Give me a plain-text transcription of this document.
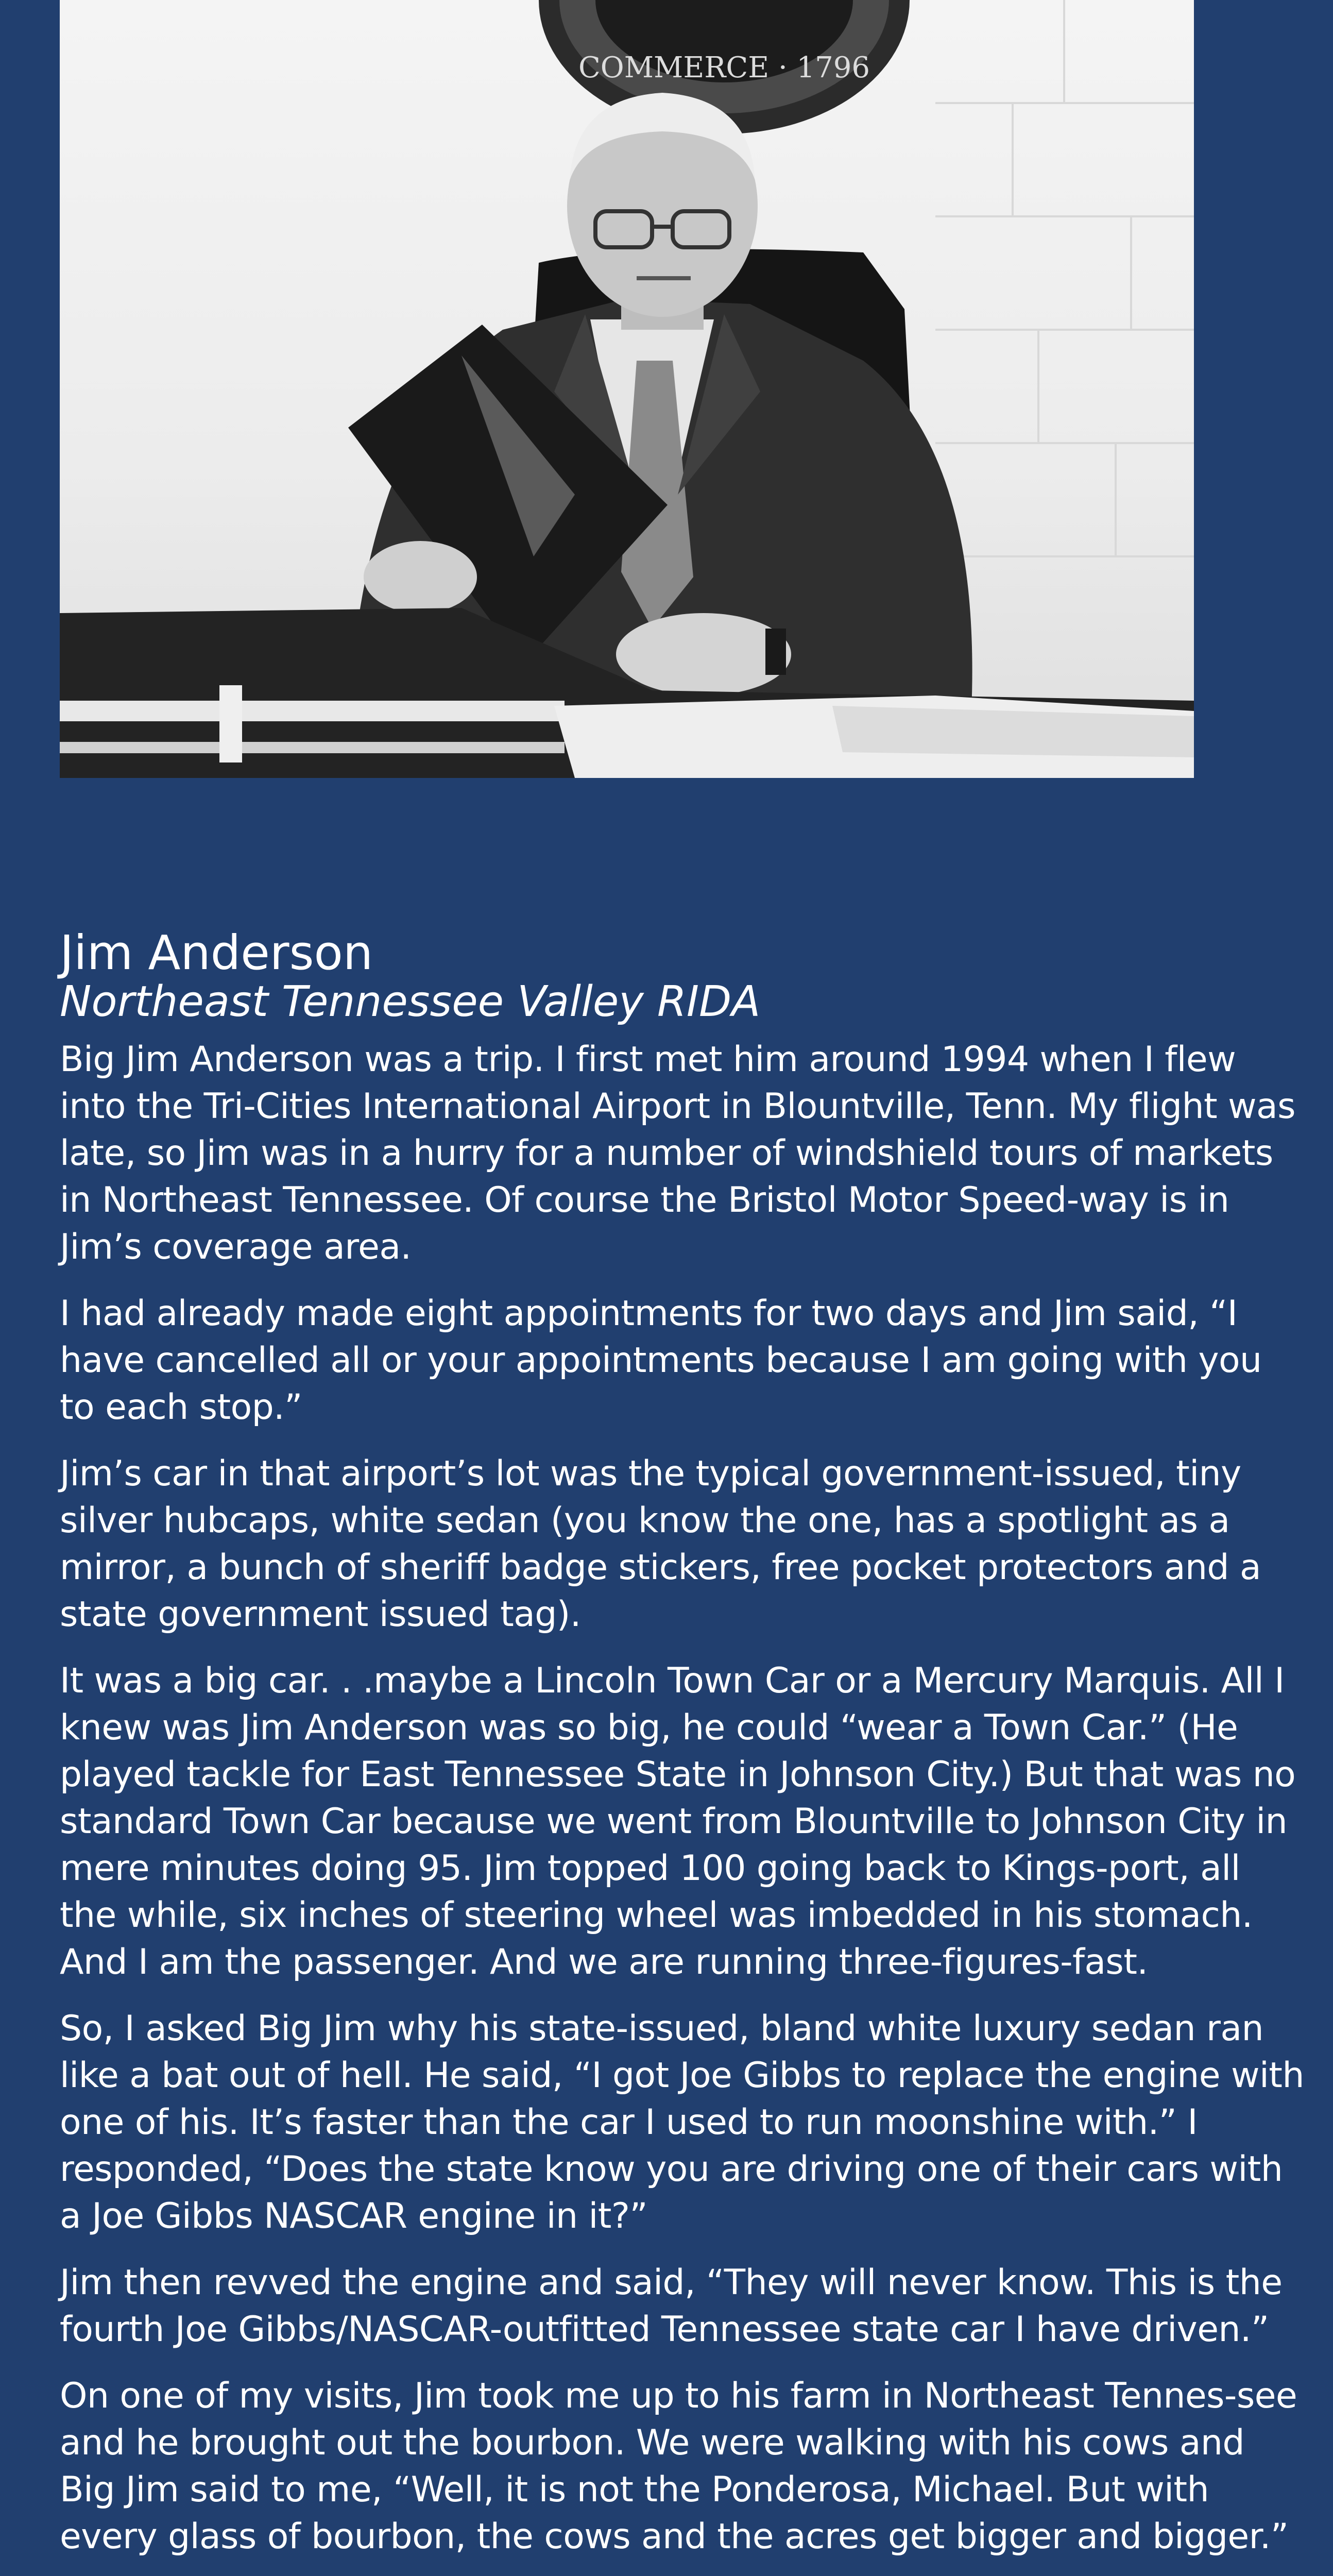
COMMERCE · 1796
Jim Anderson
Northeast Tennessee Valley RIDA

Big Jim Anderson was a trip. I first met him around 1994 when I flew into the Tri-Cities International Airport in Blountville, Tenn. My flight was late, so Jim was in a hurry for a number of windshield tours of markets in Northeast Tennessee. Of course the Bristol Motor Speed-way is in Jim’s coverage area.

I had already made eight appointments for two days and Jim said, “I have cancelled all or your appointments because I am going with you to each stop.”

Jim’s car in that airport’s lot was the typical government-issued, tiny silver hubcaps, white sedan (you know the one, has a spotlight as a mirror, a bunch of sheriff badge stickers, free pocket protectors and a state government issued tag).

It was a big car. . .maybe a Lincoln Town Car or a Mercury Marquis. All I knew was Jim Anderson was so big, he could “wear a Town Car.” (He played tackle for East Tennessee State in Johnson City.) But that was no standard Town Car because we went from Blountville to Johnson City in mere minutes doing 95. Jim topped 100 going back to Kings-port, all the while, six inches of steering wheel was imbedded in his stomach. And I am the passenger. And we are running three-figures-fast.

So, I asked Big Jim why his state-issued, bland white luxury sedan ran like a bat out of hell. He said, “I got Joe Gibbs to replace the engine with one of his. It’s faster than the car I used to run moonshine with.” I responded, “Does the state know you are driving one of their cars with a Joe Gibbs NASCAR engine in it?”

Jim then revved the engine and said, “They will never know. This is the fourth Joe Gibbs/NASCAR-outfitted Tennessee state car I have driven.”

On one of my visits, Jim took me up to his farm in Northeast Tennes-see and he brought out the bourbon. We were walking with his cows and Big Jim said to me, “Well, it is not the Ponderosa, Michael. But with every glass of bourbon, the cows and the acres get bigger and bigger.”
